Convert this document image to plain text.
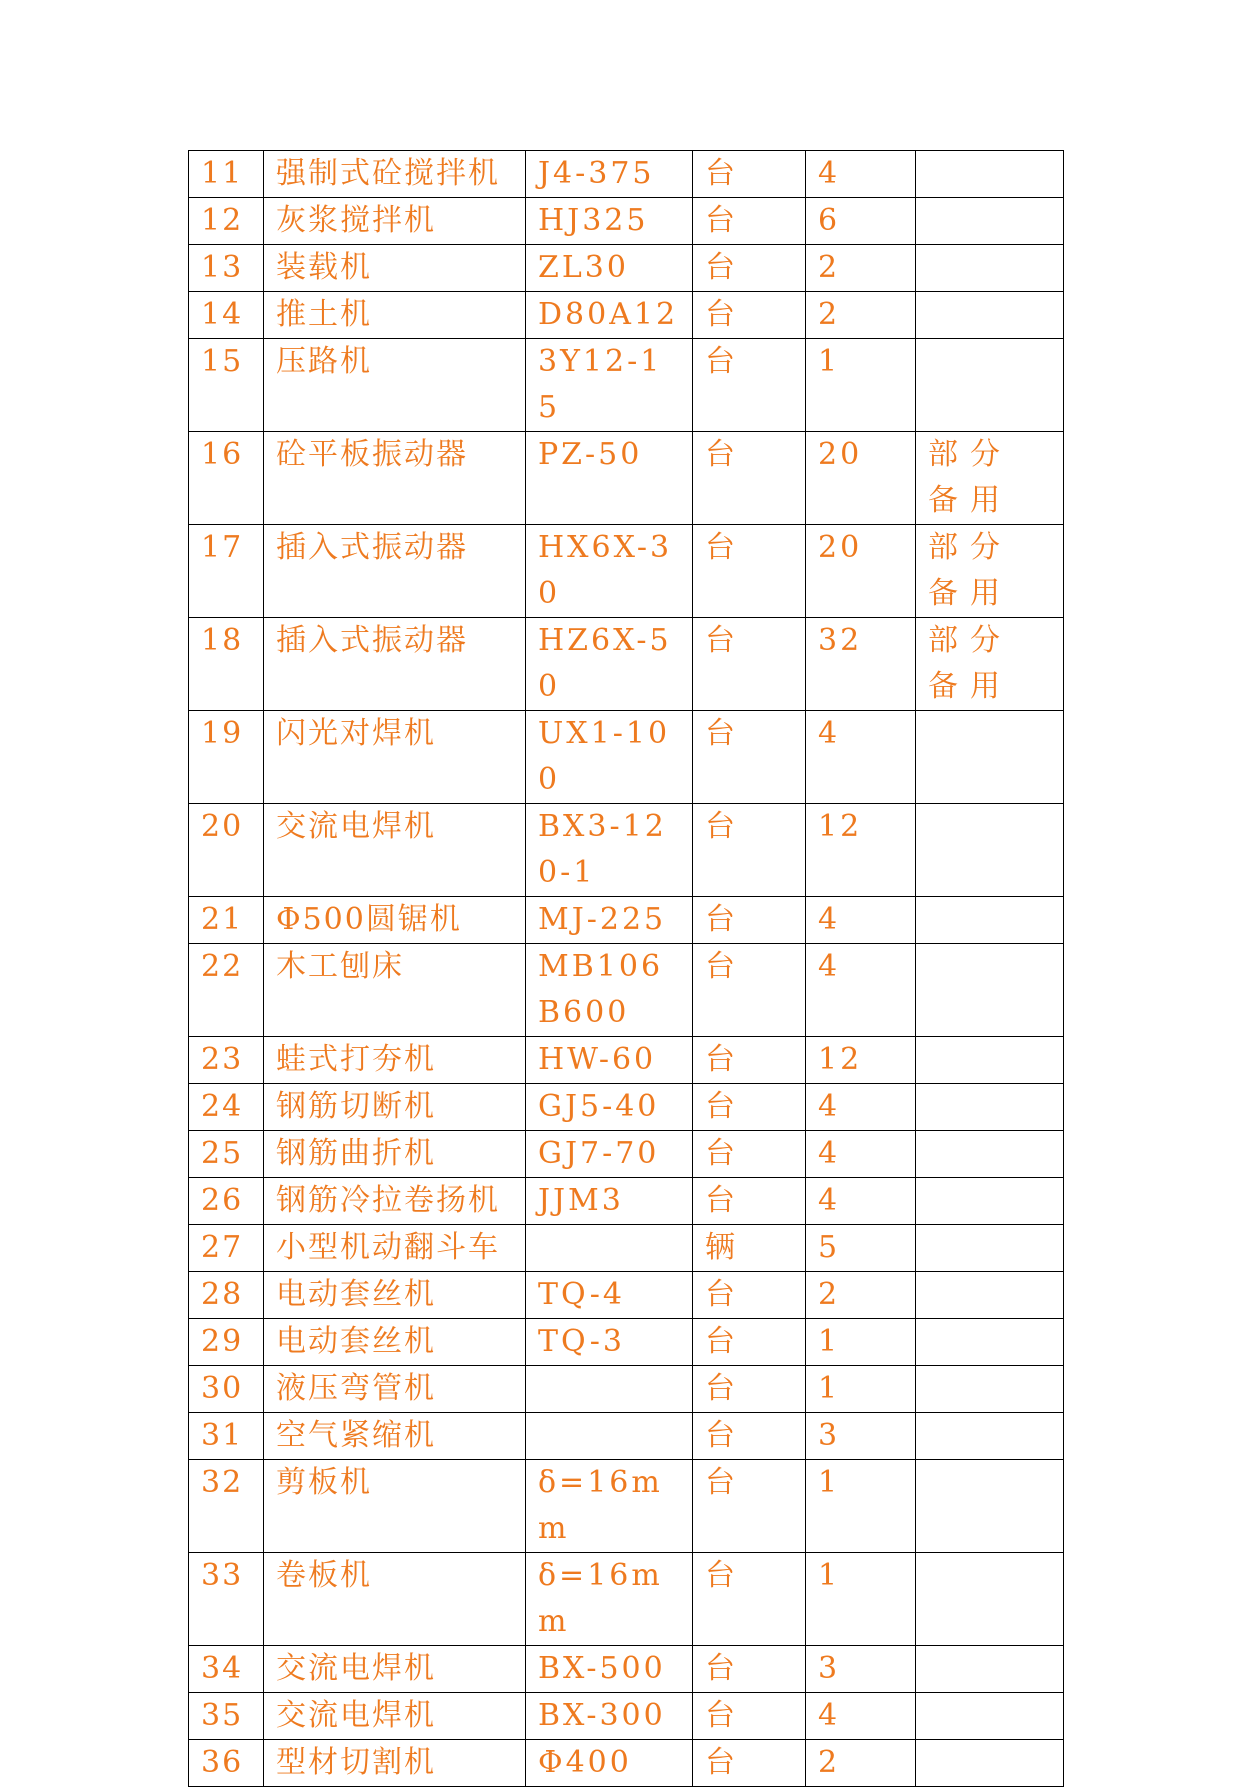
11	强制式砼搅拌机	J4-375	台	4	
12	灰浆搅拌机	HJ325	台	6	
13	装载机	ZL30	台	2	
14	推土机	D80A12	台	2	
15	压路机	3Y12-15	台	1	
16	砼平板振动器	PZ-50	台	20	部分备用
17	插入式振动器	HX6X-30	台	20	部分备用
18	插入式振动器	HZ6X-50	台	32	部分备用
19	闪光对焊机	UX1-100	台	4	
20	交流电焊机	BX3-120-1	台	12	
21	Φ500圆锯机	MJ-225	台	4	
22	木工刨床	MB106B600	台	4	
23	蛙式打夯机	HW-60	台	12	
24	钢筋切断机	GJ5-40	台	4	
25	钢筋曲折机	GJ7-70	台	4	
26	钢筋冷拉卷扬机	JJM3	台	4	
27	小型机动翻斗车		辆	5	
28	电动套丝机	TQ-4	台	2	
29	电动套丝机	TQ-3	台	1	
30	液压弯管机		台	1	
31	空气紧缩机		台	3	
32	剪板机	δ=16mm	台	1	
33	卷板机	δ=16mm	台	1	
34	交流电焊机	BX-500	台	3	
35	交流电焊机	BX-300	台	4	
36	型材切割机	Φ400	台	2	
